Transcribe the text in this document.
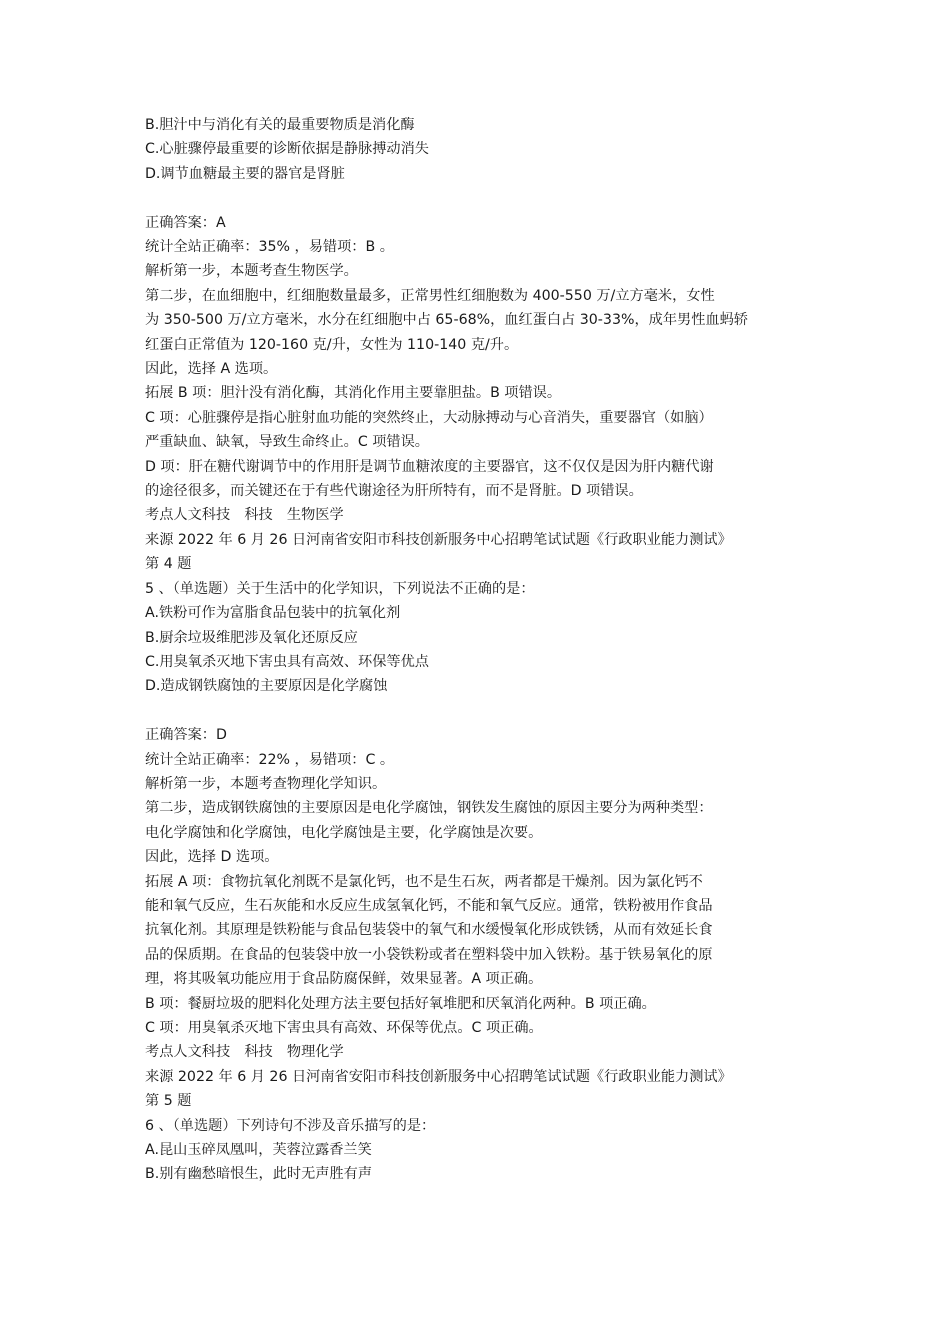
B.胆汁中与消化有关的最重要物质是消化酶

C.心脏骤停最重要的诊断依据是静脉搏动消失

D.调节血糖最主要的器官是肾脏

正确答案：A

统计全站正确率：35% ，易错项：B 。

解析第一步，本题考查生物医学。

第二步，在血细胞中，红细胞数量最多，正常男性红细胞数为 400-550 万/立方毫米，女性

为 350-500 万/立方毫米，水分在红细胞中占 65-68%，血红蛋白占 30-33%，成年男性血蚂轿

红蛋白正常值为 120-160 克/升，女性为 110-140 克/升。

因此，选择 A 选项。

拓展 B 项：胆汁没有消化酶，其消化作用主要靠胆盐。B 项错误。

C 项：心脏骤停是指心脏射血功能的突然终止，大动脉搏动与心音消失，重要器官（如脑）

严重缺血、缺氧，导致生命终止。C 项错误。

D 项：肝在糖代谢调节中的作用肝是调节血糖浓度的主要器官，这不仅仅是因为肝内糖代谢

的途径很多，而关键还在于有些代谢途径为肝所特有，而不是肾脏。D 项错误。

考点人文科技　科技　生物医学

来源 2022 年 6 月 26 日河南省安阳市科技创新服务中心招聘笔试试题《行政职业能力测试》

第 4 题

5 、（单选题）关于生活中的化学知识，下列说法不正确的是：

A.铁粉可作为富脂食品包装中的抗氧化剂

B.厨余垃圾维肥涉及氧化还原反应

C.用臭氧杀灭地下害虫具有高效、环保等优点

D.造成钢铁腐蚀的主要原因是化学腐蚀

正确答案：D

统计全站正确率：22% ，易错项：C 。

解析第一步，本题考查物理化学知识。

第二步，造成钢铁腐蚀的主要原因是电化学腐蚀，钢铁发生腐蚀的原因主要分为两种类型：

电化学腐蚀和化学腐蚀，电化学腐蚀是主要，化学腐蚀是次要。

因此，选择 D 选项。

拓展 A 项：食物抗氧化剂既不是氯化钙，也不是生石灰，两者都是干燥剂。因为氯化钙不

能和氧气反应，生石灰能和水反应生成氢氧化钙，不能和氧气反应。通常，铁粉被用作食品

抗氧化剂。其原理是铁粉能与食品包装袋中的氧气和水缓慢氧化形成铁锈，从而有效延长食

品的保质期。在食品的包装袋中放一小袋铁粉或者在塑料袋中加入铁粉。基于铁易氧化的原

理，将其吸氧功能应用于食品防腐保鲜，效果显著。A 项正确。

B 项：餐厨垃圾的肥料化处理方法主要包括好氧堆肥和厌氧消化两种。B 项正确。

C 项：用臭氧杀灭地下害虫具有高效、环保等优点。C 项正确。

考点人文科技　科技　物理化学

来源 2022 年 6 月 26 日河南省安阳市科技创新服务中心招聘笔试试题《行政职业能力测试》

第 5 题

6 、（单选题）下列诗句不涉及音乐描写的是：

A.昆山玉碎凤凰叫，芙蓉泣露香兰笑

B.别有幽愁暗恨生，此时无声胜有声
